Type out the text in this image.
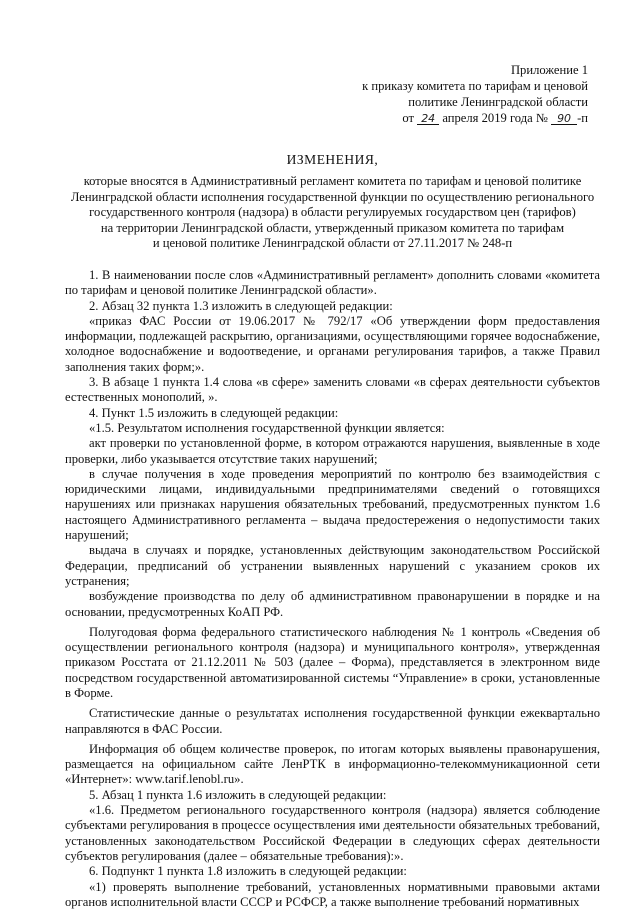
Приложение 1
к приказу комитета по тарифам и ценовой
политике Ленинградской области
от 24 апреля 2019 года № 90 -п
ИЗМЕНЕНИЯ,
которые вносятся в Административный регламент комитета по тарифам и ценовой политике
Ленинградской области исполнения государственной функции по осуществлению регионального
государственного контроля (надзора) в области регулируемых государством цен (тарифов)
на территории Ленинградской области, утвержденный приказом комитета по тарифам
и ценовой политике Ленинградской области от 27.11.2017 № 248-п

1. В наименовании после слов «Административный регламент» дополнить словами «комитета по тарифам и ценовой политике Ленинградской области».

2. Абзац 32 пункта 1.3 изложить в следующей редакции:

«приказ ФАС России от 19.06.2017 № 792/17 «Об утверждении форм предоставления информации, подлежащей раскрытию, организациями, осуществляющими горячее водоснабжение, холодное водоснабжение и водоотведение, и органами регулирования тарифов, а также Правил заполнения таких форм;».

3. В абзаце 1 пункта 1.4 слова «в сфере» заменить словами «в сферах деятельности субъектов естественных монополий, ».

4. Пункт 1.5 изложить в следующей редакции:

«1.5. Результатом исполнения государственной функции является:

акт проверки по установленной форме, в котором отражаются нарушения, выявленные в ходе проверки, либо указывается отсутствие таких нарушений;

в случае получения в ходе проведения мероприятий по контролю без взаимодействия с юридическими лицами, индивидуальными предпринимателями сведений о готовящихся нарушениях или признаках нарушения обязательных требований, предусмотренных пунктом 1.6 настоящего Административного регламента – выдача предостережения о недопустимости таких нарушений;

выдача в случаях и порядке, установленных действующим законодательством Российской Федерации, предписаний об устранении выявленных нарушений с указанием сроков их устранения;

возбуждение производства по делу об административном правонарушении в порядке и на основании, предусмотренных КоАП РФ.

Полугодовая форма федерального статистического наблюдения № 1 контроль «Сведения об осуществлении регионального контроля (надзора) и муниципального контроля», утвержденная приказом Росстата от 21.12.2011 № 503 (далее – Форма), представляется в электронном виде посредством государственной автоматизированной системы “Управление» в сроки, установленные в Форме.

Статистические данные о результатах исполнения государственной функции ежеквартально направляются в ФАС России.

Информация об общем количестве проверок, по итогам которых выявлены правонарушения, размещается на официальном сайте ЛенРТК в информационно-телекоммуникационной сети «Интернет»: www.tarif.lenobl.ru».

5. Абзац 1 пункта 1.6 изложить в следующей редакции:

«1.6. Предметом регионального государственного контроля (надзора) является соблюдение субъектами регулирования в процессе осуществления ими деятельности обязательных требований, установленных законодательством Российской Федерации в следующих сферах деятельности субъектов регулирования (далее – обязательные требования):».

6. Подпункт 1 пункта 1.8 изложить в следующей редакции:

«1) проверять выполнение требований, установленных нормативными правовыми актами органов исполнительной власти СССР и РСФСР, а также выполнение требований нормативных
